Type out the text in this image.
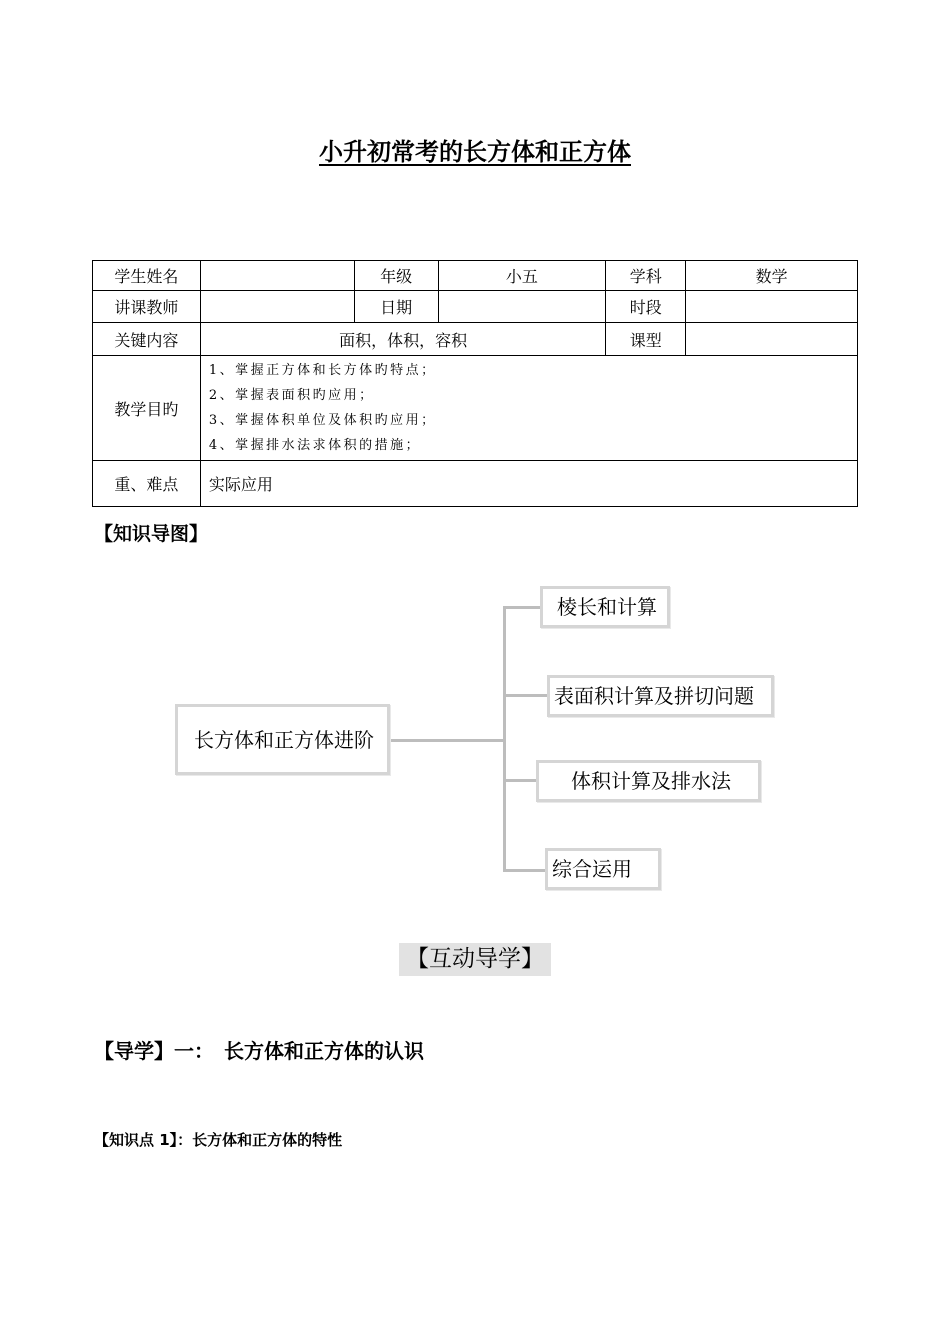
小升初常考的长方体和正方体
学生姓名		年级	小五	学科	数学
讲课教师		日期		时段	
关键内容	面积，体积，容积			课型	
教学目旳	1、掌握正方体和长方体旳特点；
2、掌握表面积旳应用；
3、掌握体积单位及体积旳应用；
4、掌握排水法求体积的措施；				

重、难点	实际应用				
【知识导图】
长方体和正方体进阶
棱长和计算
表面积计算及拼切问题
体积计算及排水法
综合运用
【互动导学】
【导学】一：　长方体和正方体的认识
【知识点 1】：长方体和正方体的特性
